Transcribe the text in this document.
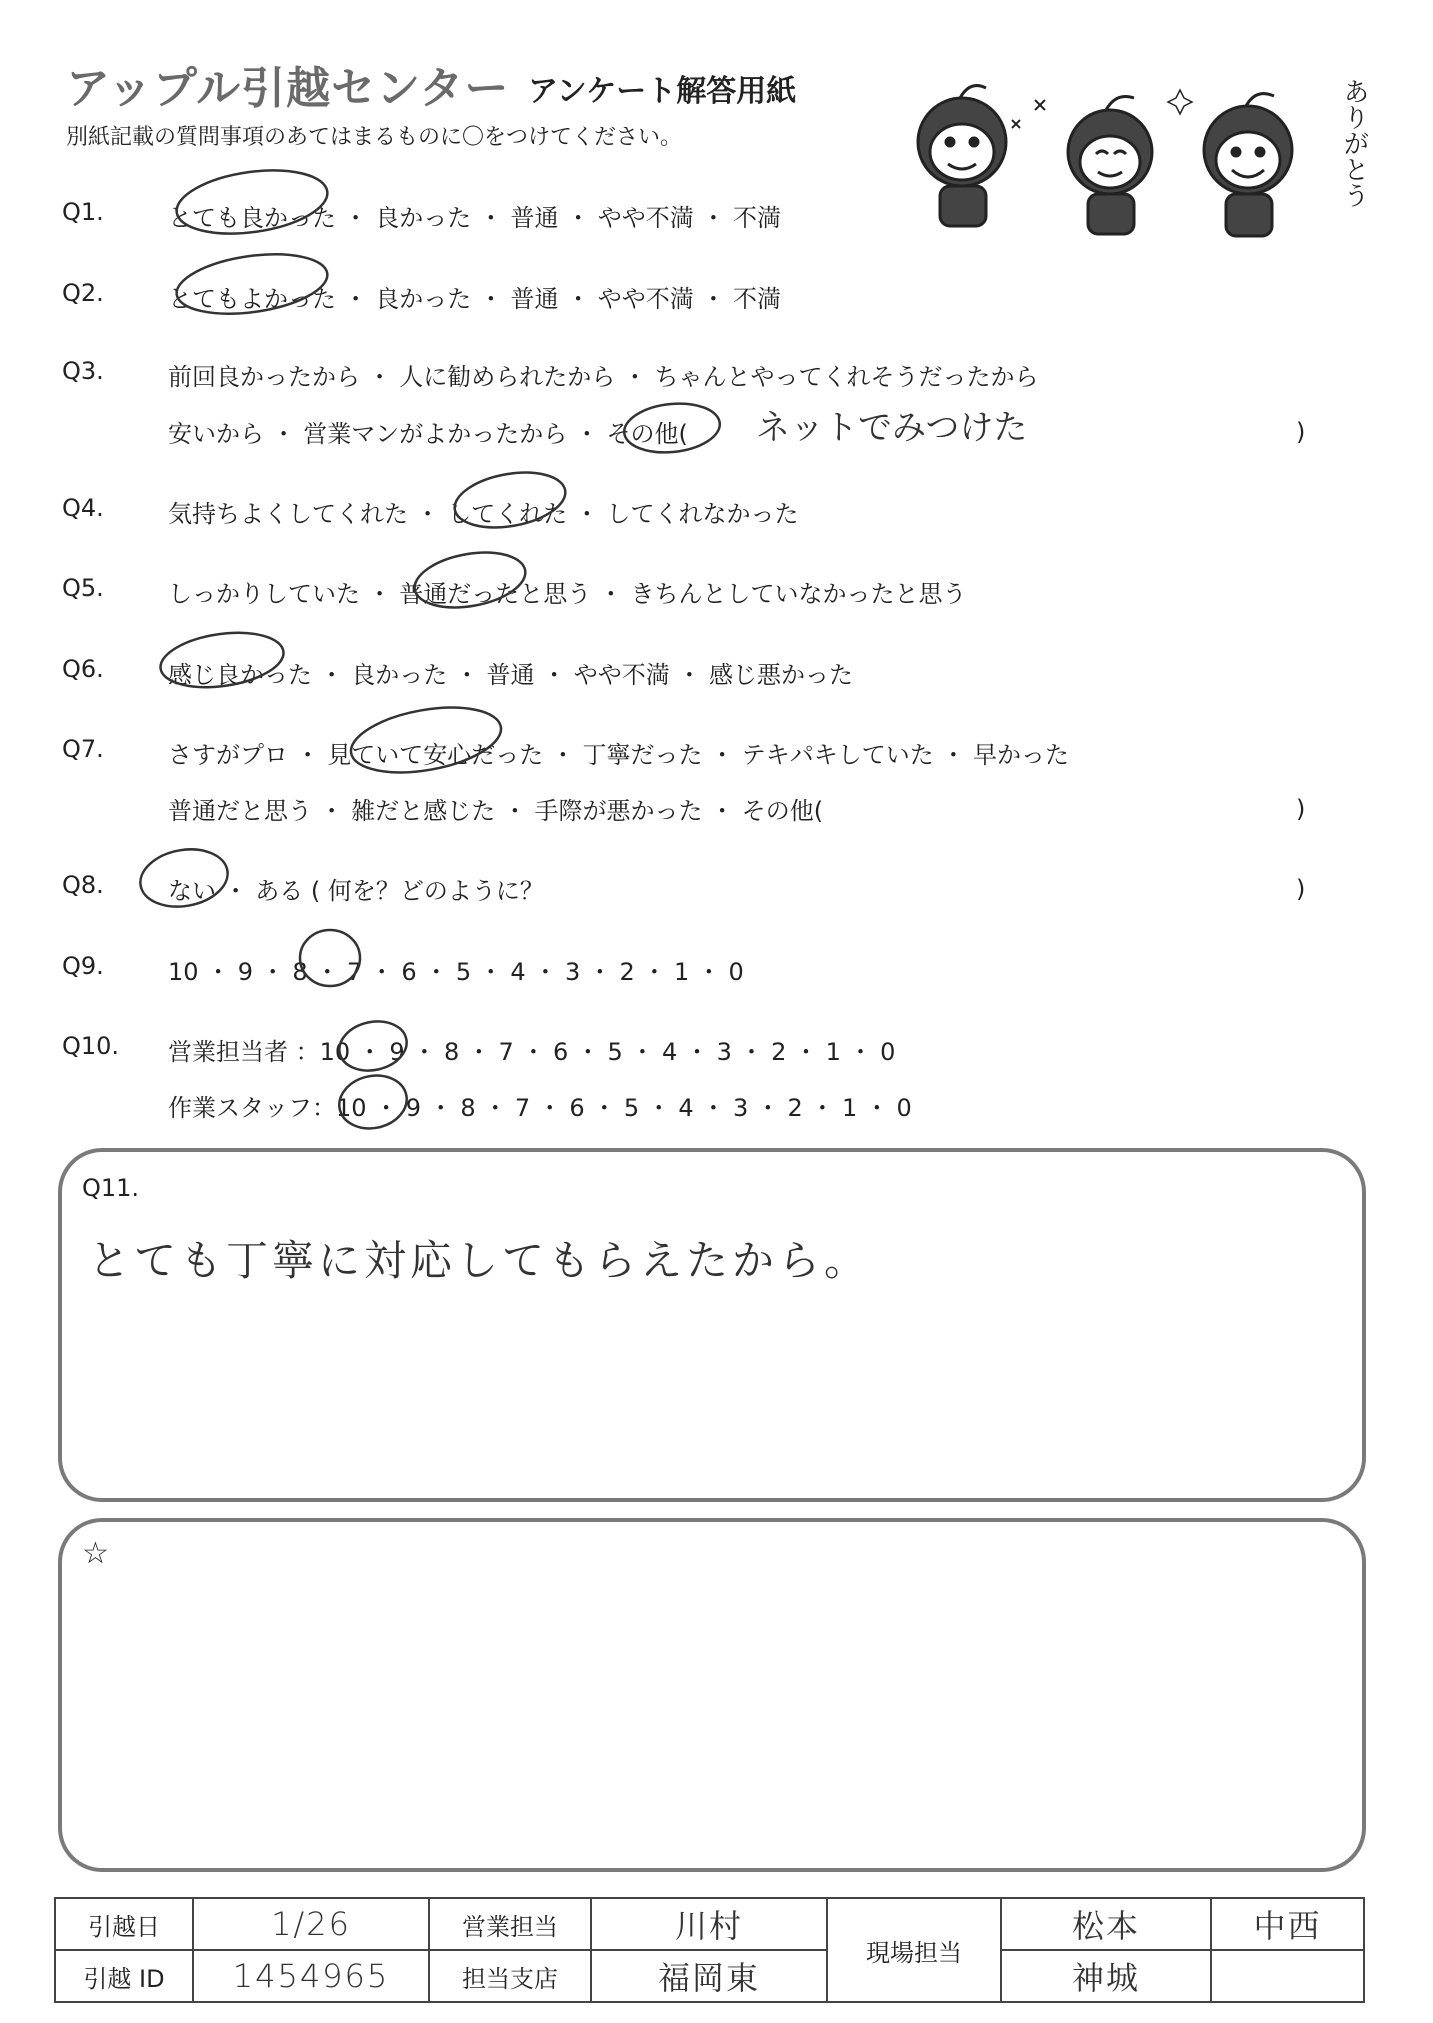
アップル引越センター アンケート解答用紙
別紙記載の質問事項のあてはまるものに〇をつけてください。	ありがとう
Q1.	とても良かった ・ 良かった ・ 普通 ・ やや不満 ・ 不満
Q2.	とてもよかった ・ 良かった ・ 普通 ・ やや不満 ・ 不満
Q3.	前回良かったから ・ 人に勧められたから ・ ちゃんとやってくれそうだったから
安いから ・ 営業マンがよかったから ・ その他( ネットでみつけた	)
Q4.	気持ちよくしてくれた ・ してくれた ・ してくれなかった
Q5.	しっかりしていた ・ 普通だったと思う ・ きちんとしていなかったと思う
Q6.	感じ良かった ・ 良かった ・ 普通 ・ やや不満 ・ 感じ悪かった
Q7.	さすがプロ ・ 見ていて安心だった ・ 丁寧だった ・ テキパキしていた ・ 早かった
普通だと思う ・ 雑だと感じた ・ 手際が悪かった ・ その他(	)
Q8.	ない ・ ある ( 何を？どのように？	)
Q9.	10 ・ 9 ・ 8 ・ 7 ・ 6 ・ 5 ・ 4 ・ 3 ・ 2 ・ 1 ・ 0
Q10. 営業担当者 ：10 ・ 9 ・ 8 ・ 7 ・ 6 ・ 5 ・ 4 ・ 3 ・ 2 ・ 1 ・ 0
作業スタッフ：10 ・ 9 ・ 8 ・ 7 ・ 6 ・ 5 ・ 4 ・ 3 ・ 2 ・ 1 ・ 0
Q11.
とても丁寧に対応してもらえたから。
☆
引越日	1/26	営業担当	川村	現場担当	松本	中西
引越 ID	1454965	担当支店	福岡東		神城	
